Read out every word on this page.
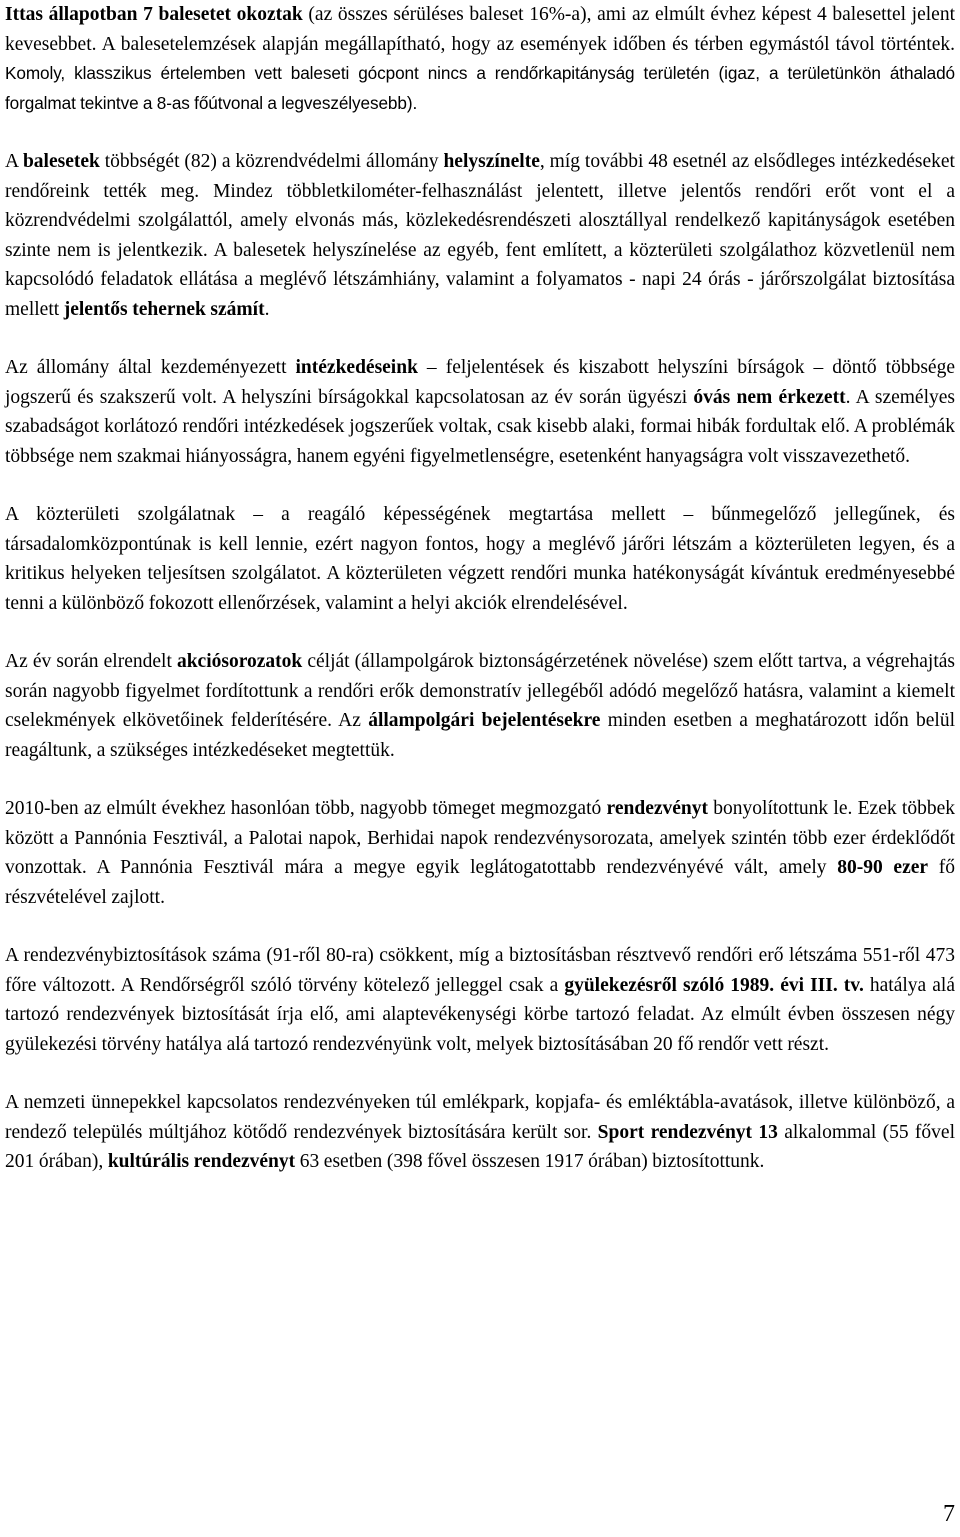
Ittas állapotban 7 balesetet okoztak (az összes sérüléses baleset 16%-a), ami az elmúlt évhez képest 4 balesettel jelent kevesebbet. A balesetelemzések alapján megállapítható, hogy az események időben és térben egymástól távol történtek. Komoly, klasszikus értelemben vett baleseti gócpont nincs a rendőrkapitányság területén (igaz, a területünkön áthaladó forgalmat tekintve a 8-as főútvonal a legveszélyesebb).

A balesetek többségét (82) a közrendvédelmi állomány helyszínelte, míg további 48 esetnél az elsődleges intézkedéseket rendőreink tették meg. Mindez többletkilométer-felhasználást jelentett, illetve jelentős rendőri erőt vont el a közrendvédelmi szolgálattól, amely elvonás más, közlekedésrendészeti alosztállyal rendelkező kapitányságok esetében szinte nem is jelentkezik. A balesetek helyszínelése az egyéb, fent említett, a közterületi szolgálathoz közvetlenül nem kapcsolódó feladatok ellátása a meglévő létszámhiány, valamint a folyamatos - napi 24 órás - járőrszolgálat biztosítása mellett jelentős tehernek számít.

Az állomány által kezdeményezett intézkedéseink – feljelentések és kiszabott helyszíni bírságok – döntő többsége jogszerű és szakszerű volt. A helyszíni bírságokkal kapcsolatosan az év során ügyészi óvás nem érkezett. A személyes szabadságot korlátozó rendőri intézkedések jogszerűek voltak, csak kisebb alaki, formai hibák fordultak elő. A problémák többsége nem szakmai hiányosságra, hanem egyéni figyelmetlenségre, esetenként hanyagságra volt visszavezethető.

A közterületi szolgálatnak – a reagáló képességének megtartása mellett – bűnmegelőző jellegűnek, és társadalomközpontúnak is kell lennie, ezért nagyon fontos, hogy a meglévő járőri létszám a közterületen legyen, és a kritikus helyeken teljesítsen szolgálatot. A közterületen végzett rendőri munka hatékonyságát kívántuk eredményesebbé tenni a különböző fokozott ellenőrzések, valamint a helyi akciók elrendelésével.

Az év során elrendelt akciósorozatok célját (állampolgárok biztonságérzetének növelése) szem előtt tartva, a végrehajtás során nagyobb figyelmet fordítottunk a rendőri erők demonstratív jellegéből adódó megelőző hatásra, valamint a kiemelt cselekmények elkövetőinek felderítésére. Az állampolgári bejelentésekre minden esetben a meghatározott időn belül reagáltunk, a szükséges intézkedéseket megtettük.

2010-ben az elmúlt évekhez hasonlóan több, nagyobb tömeget megmozgató rendezvényt bonyolítottunk le. Ezek többek között a Pannónia Fesztivál, a Palotai napok, Berhidai napok rendezvénysorozata, amelyek szintén több ezer érdeklődőt vonzottak. A Pannónia Fesztivál mára a megye egyik leglátogatottabb rendezvényévé vált, amely 80-90 ezer fő részvételével zajlott.

A rendezvénybiztosítások száma (91-ről 80-ra) csökkent, míg a biztosításban résztvevő rendőri erő létszáma 551-ről 473 főre változott. A Rendőrségről szóló törvény kötelező jelleggel csak a gyülekezésről szóló 1989. évi III. tv. hatálya alá tartozó rendezvények biztosítását írja elő, ami alaptevékenységi körbe tartozó feladat. Az elmúlt évben összesen négy gyülekezési törvény hatálya alá tartozó rendezvényünk volt, melyek biztosításában 20 fő rendőr vett részt.

A nemzeti ünnepekkel kapcsolatos rendezvényeken túl emlékpark, kopjafa- és emléktábla-avatások, illetve különböző, a rendező település múltjához kötődő rendezvények biztosítására került sor. Sport rendezvényt 13 alkalommal (55 fővel 201 órában), kultúrális rendezvényt 63 esetben (398 fővel összesen 1917 órában) biztosítottunk.

7
